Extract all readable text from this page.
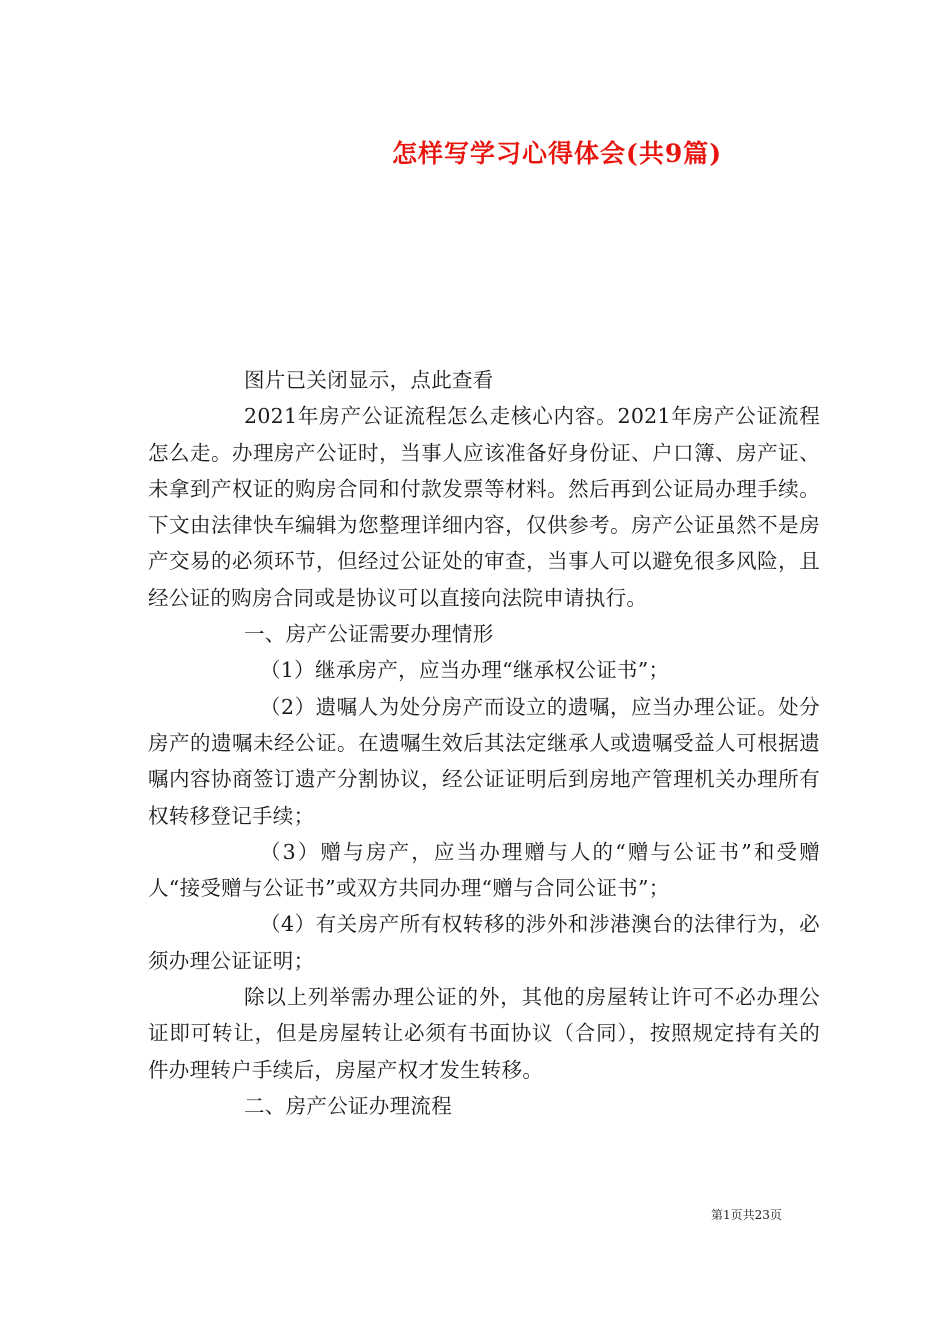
怎样写学习心得体会(共9篇)

图片已关闭显示，点此查看

2021年房产公证流程怎么走核心内容。2021年房产公证流程怎么走。办理房产公证时，当事人应该准备好身份证、户口簿、房产证、未拿到产权证的购房合同和付款发票等材料。然后再到公证局办理手续。下文由法律快车编辑为您整理详细内容，仅供参考。房产公证虽然不是房产交易的必须环节，但经过公证处的审查，当事人可以避免很多风险，且经公证的购房合同或是协议可以直接向法院申请执行。

一、房产公证需要办理情形

（1）继承房产，应当办理“继承权公证书”；

（2）遗嘱人为处分房产而设立的遗嘱，应当办理公证。处分房产的遗嘱未经公证。在遗嘱生效后其法定继承人或遗嘱受益人可根据遗嘱内容协商签订遗产分割协议，经公证证明后到房地产管理机关办理所有权转移登记手续；

（3）赠与房产，应当办理赠与人的“赠与公证书”和受赠人“接受赠与公证书”或双方共同办理“赠与合同公证书”；

（4）有关房产所有权转移的涉外和涉港澳台的法律行为，必须办理公证证明；

除以上列举需办理公证的外，其他的房屋转让许可不必办理公证即可转让，但是房屋转让必须有书面协议（合同），按照规定持有关的件办理转户手续后，房屋产权才发生转移。

二、房产公证办理流程

第1页共23页
